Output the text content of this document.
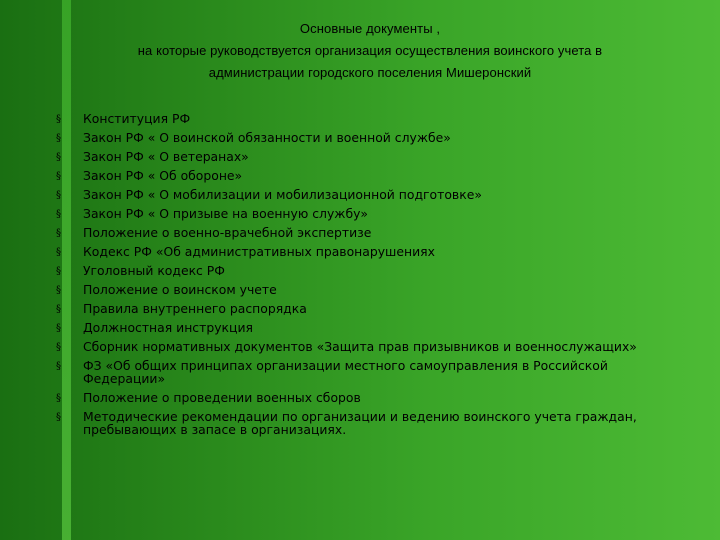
Основные документы ,
на которые руководствуется организация осуществления воинского учета в
администрации городского поселения Мишеронский
§ Конституция РФ
§ Закон РФ « О воинской обязанности и военной службе»
§ Закон РФ « О ветеранах»
§ Закон РФ « Об обороне»
§ Закон РФ « О мобилизации и мобилизационной подготовке»
§ Закон РФ « О призыве на военную службу»
§ Положение о военно-врачебной экспертизе
§ Кодекс РФ «Об административных правонарушениях
§ Уголовный кодекс РФ
§ Положение о воинском учете
§ Правила внутреннего распорядка
§ Должностная инструкция
§ Сборник нормативных документов «Защита прав призывников и военнослужащих»
§ ФЗ «Об общих принципах организации местного самоуправления в Российской Федерации»
§ Положение о проведении военных сборов
§ Методические рекомендации по организации и ведению воинского учета граждан, пребывающих в запасе в организациях.
